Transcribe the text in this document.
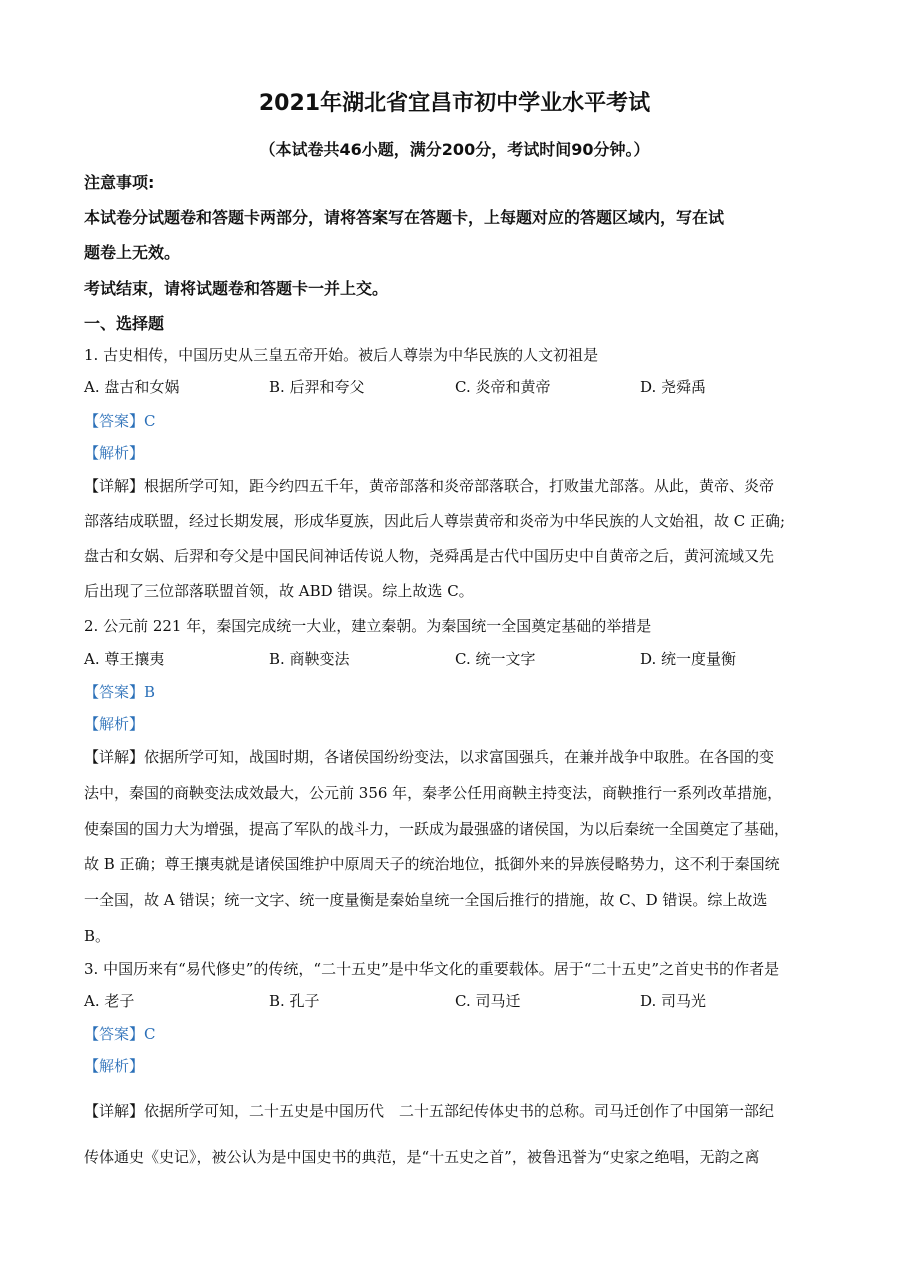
2021年湖北省宜昌市初中学业水平考试
（本试卷共46小题，满分200分，考试时间90分钟。）
注意事项:
本试卷分试题卷和答题卡两部分，请将答案写在答题卡，上每题对应的答题区域内，写在试
题卷上无效。
考试结束，请将试题卷和答题卡一并上交。
一、选择题
1. 古史相传，中国历史从三皇五帝开始。被后人尊崇为中华民族的人文初祖是
A. 盘古和女娲	B. 后羿和夸父	C. 炎帝和黄帝	D. 尧舜禹
【答案】C
【解析】
【详解】根据所学可知，距今约四五千年，黄帝部落和炎帝部落联合，打败蚩尤部落。从此，黄帝、炎帝
部落结成联盟，经过长期发展，形成华夏族，因此后人尊崇黄帝和炎帝为中华民族的人文始祖，故 C 正确;
盘古和女娲、后羿和夸父是中国民间神话传说人物，尧舜禹是古代中国历史中自黄帝之后，黄河流域又先
后出现了三位部落联盟首领，故 ABD 错误。综上故选 C。
2. 公元前 221 年，秦国完成统一大业，建立秦朝。为秦国统一全国奠定基础的举措是
A. 尊王攘夷	B. 商鞅变法	C. 统一文字	D. 统一度量衡
【答案】B
【解析】
【详解】依据所学可知，战国时期，各诸侯国纷纷变法，以求富国强兵，在兼并战争中取胜。在各国的变
法中，秦国的商鞅变法成效最大，公元前 356 年，秦孝公任用商鞅主持变法，商鞅推行一系列改革措施，
使秦国的国力大为增强，提高了军队的战斗力，一跃成为最强盛的诸侯国，为以后秦统一全国奠定了基础，
故 B 正确；尊王攘夷就是诸侯国维护中原周天子的统治地位，抵御外来的异族侵略势力，这不利于秦国统
一全国，故 A 错误；统一文字、统一度量衡是秦始皇统一全国后推行的措施，故 C、D 错误。综上故选
B。
3. 中国历来有“易代修史”的传统，“二十五史”是中华文化的重要载体。居于“二十五史”之首史书的作者是
A. 老子	B. 孔子	C. 司马迁	D. 司马光
【答案】C
【解析】
【详解】依据所学可知，二十五史是中国历代　二十五部纪传体史书的总称。司马迁创作了中国第一部纪
传体通史《史记》，被公认为是中国史书的典范，是“十五史之首”，被鲁迅誉为“史家之绝唱，无韵之离
